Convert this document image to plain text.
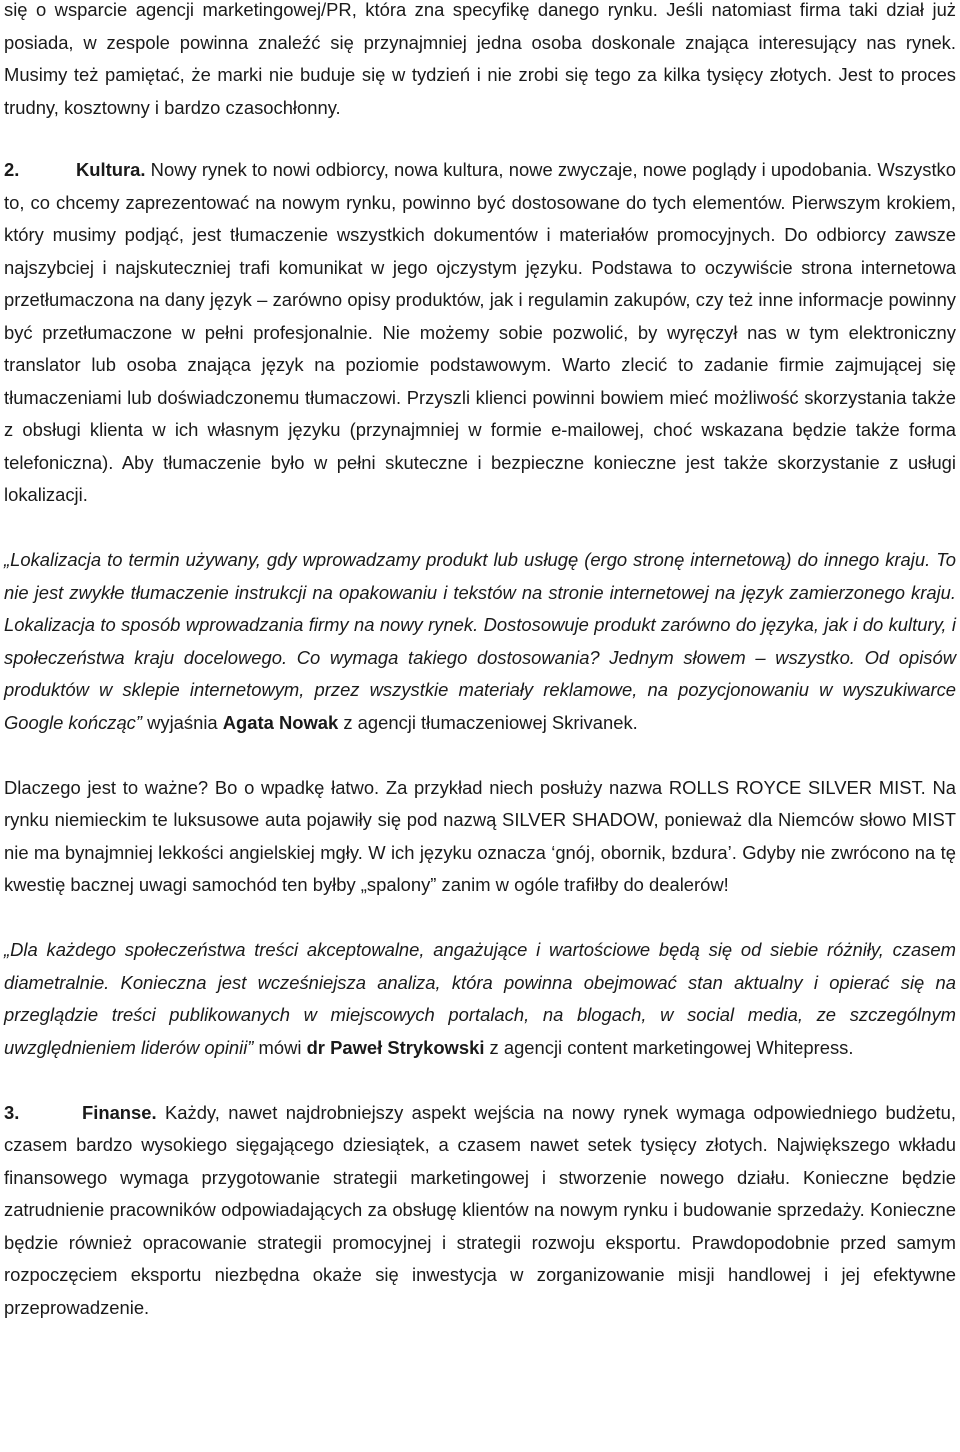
się o wsparcie agencji marketingowej/PR, która zna specyfikę danego rynku. Jeśli natomiast firma taki dział już posiada, w zespole powinna znaleźć się przynajmniej jedna osoba doskonale znająca interesujący nas rynek. Musimy też pamiętać, że marki nie buduje się w tydzień i nie zrobi się tego za kilka tysięcy złotych. Jest to proces trudny, kosztowny i bardzo czasochłonny.

2.	Kultura. Nowy rynek to nowi odbiorcy, nowa kultura, nowe zwyczaje, nowe poglądy i upodobania. Wszystko to, co chcemy zaprezentować na nowym rynku, powinno być dostosowane do tych elementów. Pierwszym krokiem, który musimy podjąć, jest tłumaczenie wszystkich dokumentów i materiałów promocyjnych. Do odbiorcy zawsze najszybciej i najskuteczniej trafi komunikat w jego ojczystym języku. Podstawa to oczywiście strona internetowa przetłumaczona na dany język – zarówno opisy produktów, jak i regulamin zakupów, czy też inne informacje powinny być przetłumaczone w pełni profesjonalnie. Nie możemy sobie pozwolić, by wyręczył nas w tym elektroniczny translator lub osoba znająca język na poziomie podstawowym. Warto zlecić to zadanie firmie zajmującej się tłumaczeniami lub doświadczonemu tłumaczowi. Przyszli klienci powinni bowiem mieć możliwość skorzystania także z obsługi klienta w ich własnym języku (przynajmniej w formie e-mailowej, choć wskazana będzie także forma telefoniczna). Aby tłumaczenie było w pełni skuteczne i bezpieczne konieczne jest także skorzystanie z usługi lokalizacji.

„Lokalizacja to termin używany, gdy wprowadzamy produkt lub usługę (ergo stronę internetową) do innego kraju. To nie jest zwykłe tłumaczenie instrukcji na opakowaniu i tekstów na stronie internetowej na język zamierzonego kraju. Lokalizacja to sposób wprowadzania firmy na nowy rynek. Dostosowuje produkt zarówno do języka, jak i do kultury, i społeczeństwa kraju docelowego. Co wymaga takiego dostosowania? Jednym słowem – wszystko. Od opisów produktów w sklepie internetowym, przez wszystkie materiały reklamowe, na pozycjonowaniu w wyszukiwarce Google kończąc” wyjaśnia Agata Nowak z agencji tłumaczeniowej Skrivanek.

Dlaczego jest to ważne? Bo o wpadkę łatwo. Za przykład niech posłuży nazwa ROLLS ROYCE SILVER MIST. Na rynku niemieckim te luksusowe auta pojawiły się pod nazwą SILVER SHADOW, ponieważ dla Niemców słowo MIST nie ma bynajmniej lekkości angielskiej mgły. W ich języku oznacza ‘gnój, obornik, bzdura’. Gdyby nie zwrócono na tę kwestię bacznej uwagi samochód ten byłby „spalony” zanim w ogóle trafiłby do dealerów!

„Dla każdego społeczeństwa treści akceptowalne, angażujące i wartościowe będą się od siebie różniły, czasem diametralnie. Konieczna jest wcześniejsza analiza, która powinna obejmować stan aktualny i opierać się na przeglądzie treści publikowanych w miejscowych portalach, na blogach, w social media, ze szczególnym uwzględnieniem liderów opinii” mówi dr Paweł Strykowski z agencji content marketingowej Whitepress.

3.	Finanse. Każdy, nawet najdrobniejszy aspekt wejścia na nowy rynek wymaga odpowiedniego budżetu, czasem bardzo wysokiego sięgającego dziesiątek, a czasem nawet setek tysięcy złotych. Największego wkładu finansowego wymaga przygotowanie strategii marketingowej i stworzenie nowego działu. Konieczne będzie zatrudnienie pracowników odpowiadających za obsługę klientów na nowym rynku i budowanie sprzedaży. Konieczne będzie również opracowanie strategii promocyjnej i strategii rozwoju eksportu. Prawdopodobnie przed samym rozpoczęciem eksportu niezbędna okaże się inwestycja w zorganizowanie misji handlowej i jej efektywne przeprowadzenie.
